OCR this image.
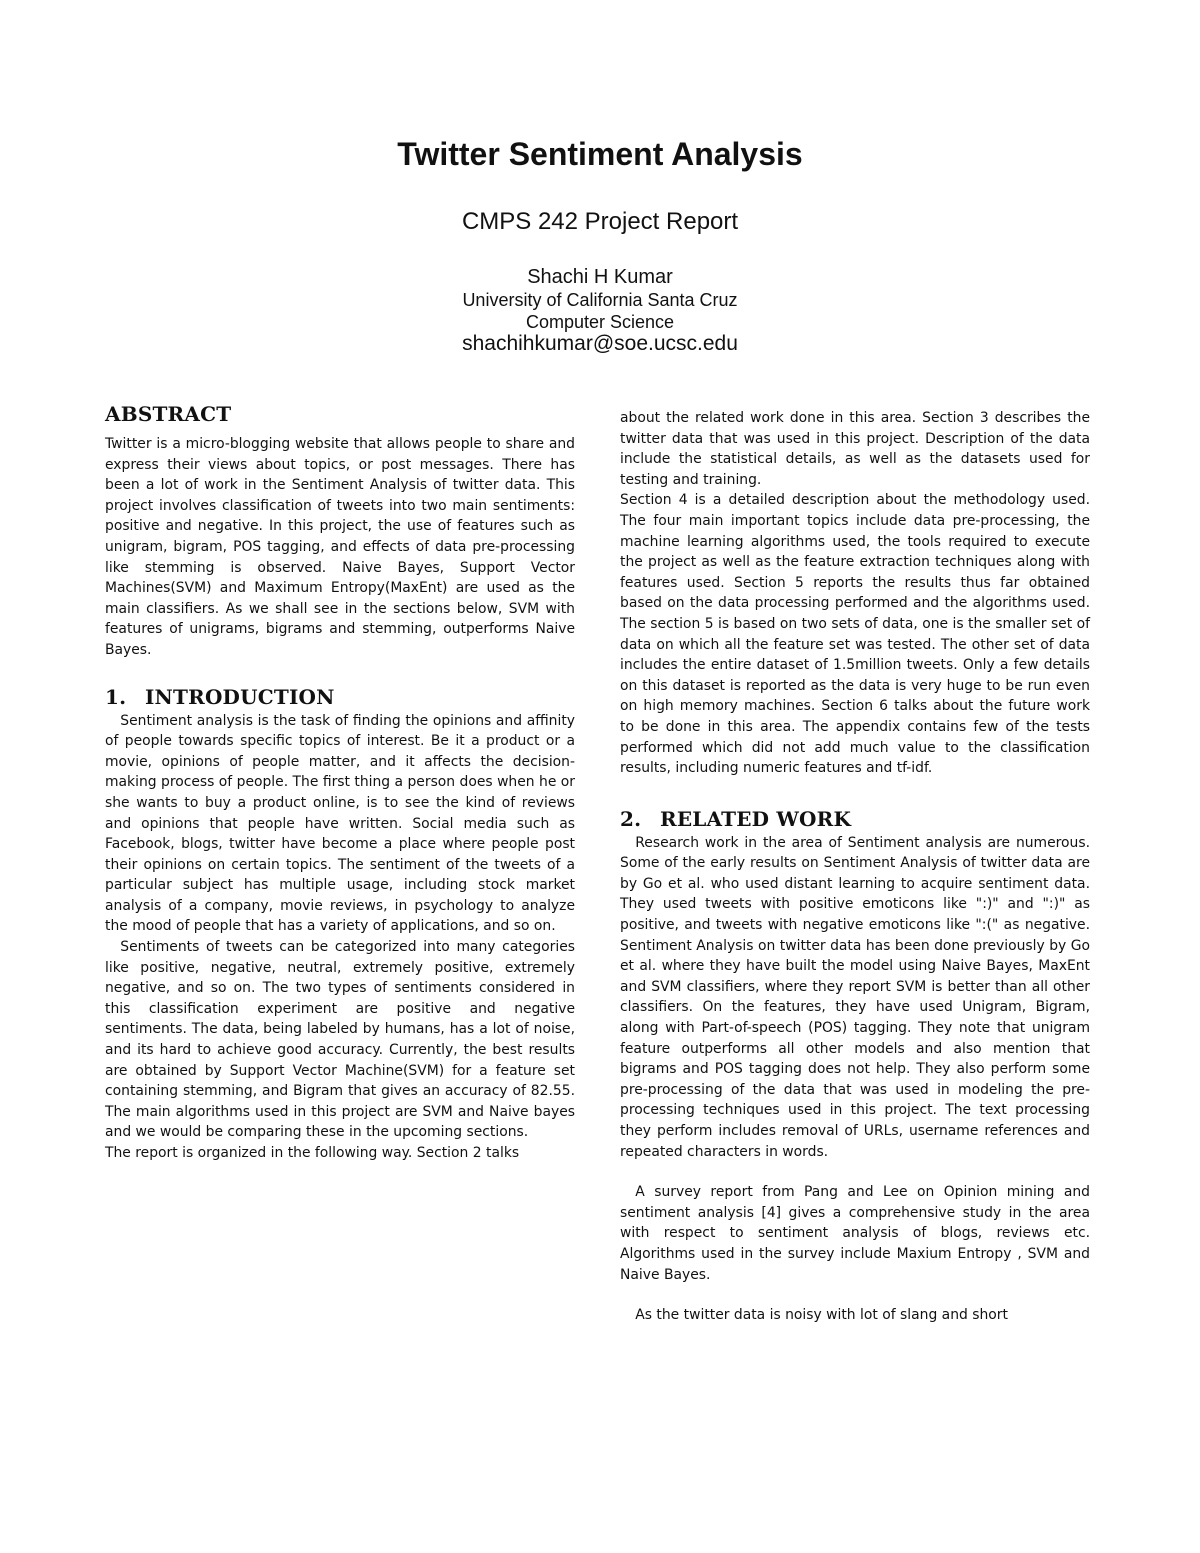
Twitter Sentiment Analysis
CMPS 242 Project Report
Shachi H Kumar
University of California Santa Cruz
Computer Science
shachihkumar@soe.ucsc.edu
ABSTRACT

Twitter is a micro-blogging website that allows people to share and express their views about topics, or post messages. There has been a lot of work in the Sentiment Analysis of twitter data. This project involves classification of tweets into two main sentiments: positive and negative. In this project, the use of features such as unigram, bigram, POS tagging, and effects of data pre-processing like stemming is observed. Naive Bayes, Support Vector Machines(SVM) and Maximum Entropy(MaxEnt) are used as the main classifiers. As we shall see in the sections below, SVM with features of unigrams, bigrams and stemming, outperforms Naive Bayes.

1. INTRODUCTION

Sentiment analysis is the task of finding the opinions and affinity of people towards specific topics of interest. Be it a product or a movie, opinions of people matter, and it affects the decision-making process of people. The first thing a person does when he or she wants to buy a product online, is to see the kind of reviews and opinions that people have written. Social media such as Facebook, blogs, twitter have become a place where people post their opinions on certain topics. The sentiment of the tweets of a particular subject has multiple usage, including stock market analysis of a company, movie reviews, in psychology to analyze the mood of people that has a variety of applications, and so on.

Sentiments of tweets can be categorized into many categories like positive, negative, neutral, extremely positive, extremely negative, and so on. The two types of sentiments considered in this classification experiment are positive and negative sentiments. The data, being labeled by humans, has a lot of noise, and its hard to achieve good accuracy. Currently, the best results are obtained by Support Vector Machine(SVM) for a feature set containing stemming, and Bigram that gives an accuracy of 82.55. The main algorithms used in this project are SVM and Naive bayes and we would be comparing these in the upcoming sections.

The report is organized in the following way. Section 2 talks

about the related work done in this area. Section 3 describes the twitter data that was used in this project. Description of the data include the statistical details, as well as the datasets used for testing and training.

Section 4 is a detailed description about the methodology used. The four main important topics include data pre-processing, the machine learning algorithms used, the tools required to execute the project as well as the feature extraction techniques along with features used. Section 5 reports the results thus far obtained based on the data processing performed and the algorithms used. The section 5 is based on two sets of data, one is the smaller set of data on which all the feature set was tested. The other set of data includes the entire dataset of 1.5million tweets. Only a few details on this dataset is reported as the data is very huge to be run even on high memory machines. Section 6 talks about the future work to be done in this area. The appendix contains few of the tests performed which did not add much value to the classification results, including numeric features and tf-idf.

2. RELATED WORK

Research work in the area of Sentiment analysis are numerous. Some of the early results on Sentiment Analysis of twitter data are by Go et al. who used distant learning to acquire sentiment data. They used tweets with positive emoticons like ":)" and ":)" as positive, and tweets with negative emoticons like ":(" as negative. Sentiment Analysis on twitter data has been done previously by Go et al. where they have built the model using Naive Bayes, MaxEnt and SVM classifiers, where they report SVM is better than all other classifiers. On the features, they have used Unigram, Bigram, along with Part-of-speech (POS) tagging. They note that unigram feature outperforms all other models and also mention that bigrams and POS tagging does not help. They also perform some pre-processing of the data that was used in modeling the pre-processing techniques used in this project. The text processing they perform includes removal of URLs, username references and repeated characters in words.

A survey report from Pang and Lee on Opinion mining and sentiment analysis [4] gives a comprehensive study in the area with respect to sentiment analysis of blogs, reviews etc. Algorithms used in the survey include Maxium Entropy , SVM and Naive Bayes.

As the twitter data is noisy with lot of slang and short
